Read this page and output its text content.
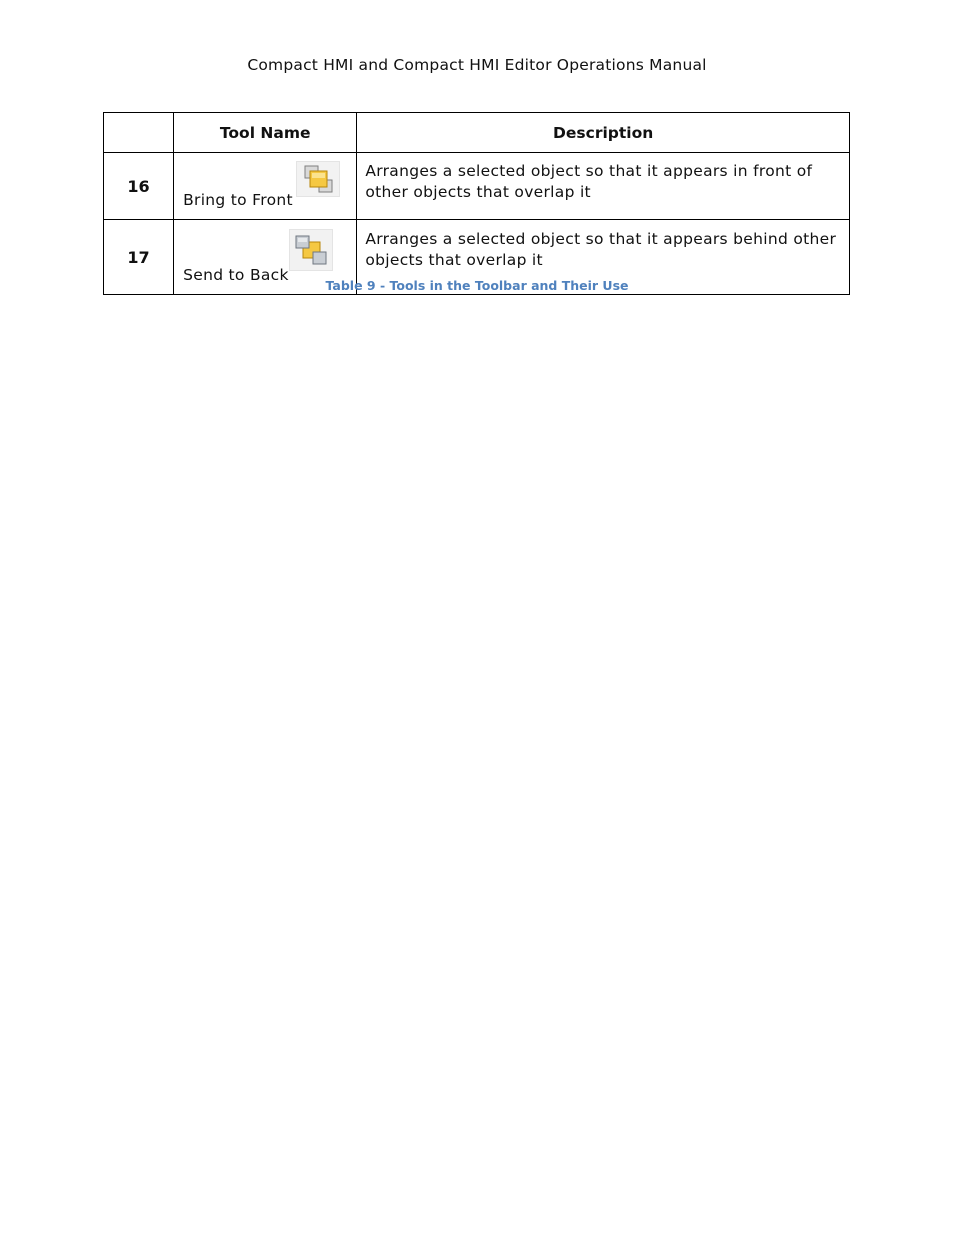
Compact HMI and Compact HMI Editor Operations Manual
	Tool Name	Description
16	Bring to Front	Arranges a selected object so that it appears in front of other objects that overlap it
17	Send to Back	Arranges a selected object so that it appears behind other objects that overlap it
Table 9 - Tools in the Toolbar and Their Use
